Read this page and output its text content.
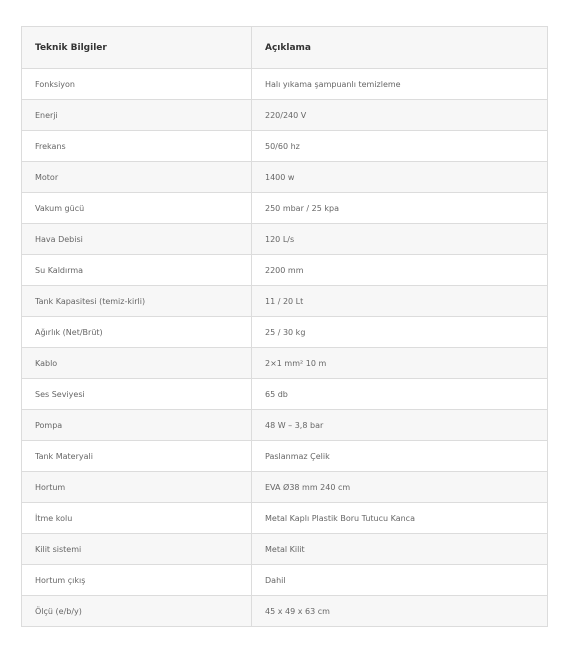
Teknik Bilgiler	Açıklama
Fonksiyon	Halı yıkama şampuanlı temizleme
Enerji	220/240 V
Frekans	50/60 hz
Motor	1400 w
Vakum gücü	250 mbar / 25 kpa
Hava Debisi	120 L/s
Su Kaldırma	2200 mm
Tank Kapasitesi (temiz-kirli)	11 / 20 Lt
Ağırlık (Net/Brüt)	25 / 30 kg
Kablo	2×1 mm² 10 m
Ses Seviyesi	65 db
Pompa	48 W – 3,8 bar
Tank Materyali	Paslanmaz Çelik
Hortum	EVA Ø38 mm 240 cm
İtme kolu	Metal Kaplı Plastik Boru Tutucu Kanca
Kilit sistemi	Metal Kilit
Hortum çıkış	Dahil
Ölçü (e/b/y)	45 x 49 x 63 cm
